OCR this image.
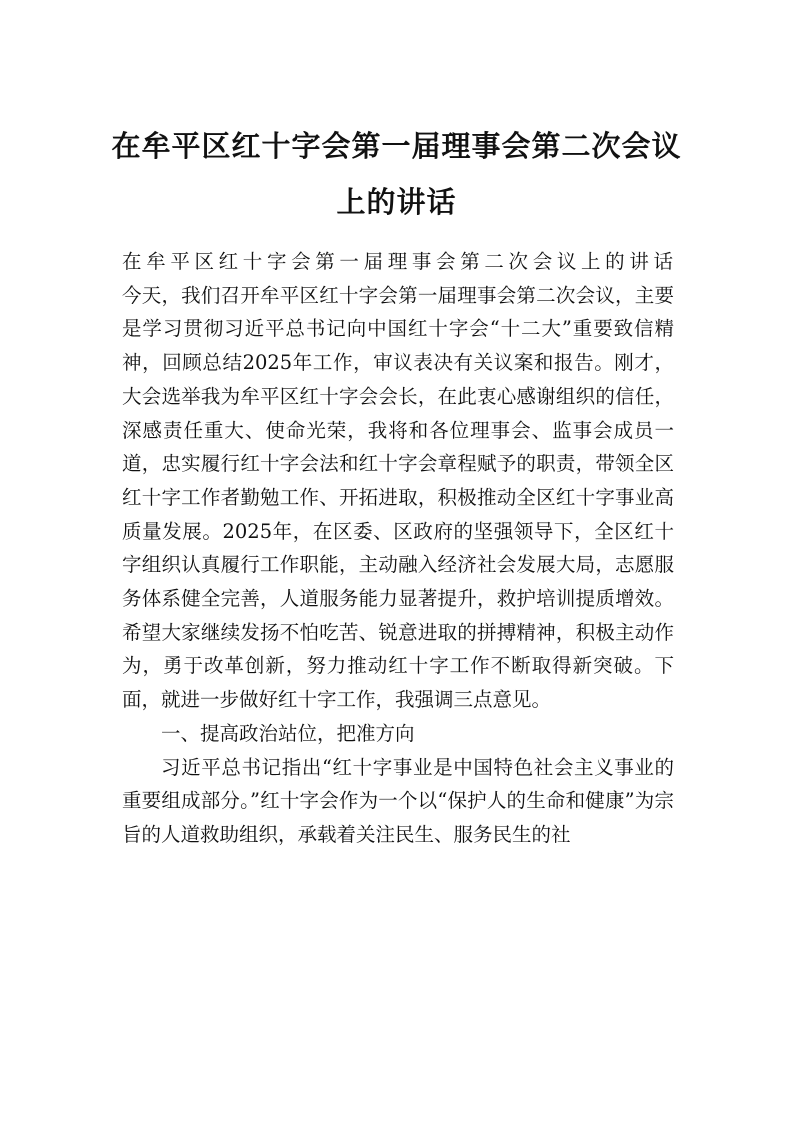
在牟平区红十字会第一届理事会第二次会议上的讲话

在牟平区红十字会第一届理事会第二次会议上的讲话

今天，我们召开牟平区红十字会第一届理事会第二次会议，主要是学习贯彻习近平总书记向中国红十字会“十二大”重要致信精神，回顾总结2025年工作，审议表决有关议案和报告。刚才，大会选举我为牟平区红十字会会长，在此衷心感谢组织的信任，深感责任重大、使命光荣，我将和各位理事会、监事会成员一道，忠实履行红十字会法和红十字会章程赋予的职责，带领全区红十字工作者勤勉工作、开拓进取，积极推动全区红十字事业高质量发展。2025年，在区委、区政府的坚强领导下，全区红十字组织认真履行工作职能，主动融入经济社会发展大局，志愿服务体系健全完善，人道服务能力显著提升，救护培训提质增效。希望大家继续发扬不怕吃苦、锐意进取的拼搏精神，积极主动作为，勇于改革创新，努力推动红十字工作不断取得新突破。下面，就进一步做好红十字工作，我强调三点意见。

一、提高政治站位，把准方向

习近平总书记指出“红十字事业是中国特色社会主义事业的重要组成部分。”红十字会作为一个以“保护人的生命和健康”为宗旨的人道救助组织，承载着关注民生、服务民生的社
